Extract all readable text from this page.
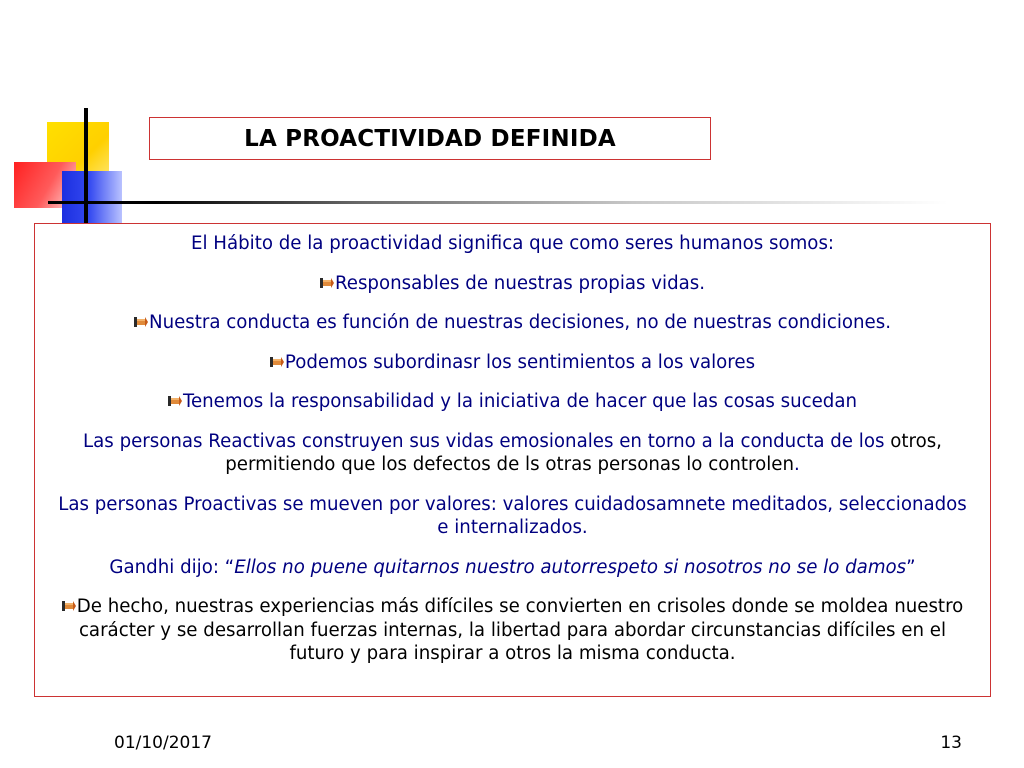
LA PROACTIVIDAD DEFINIDA

El Hábito de la proactividad significa que como seres humanos somos:

Responsables de nuestras propias vidas.

Nuestra conducta es función de nuestras decisiones, no de nuestras condiciones.

Podemos subordinasr los sentimientos a los valores

Tenemos la responsabilidad y la iniciativa de hacer que las cosas sucedan

Las personas Reactivas construyen sus vidas emosionales en torno a la conducta de los otros, permitiendo que los defectos de ls otras personas lo controlen.

Las personas Proactivas se mueven por valores: valores cuidadosamnete meditados, seleccionados e internalizados.

Gandhi dijo: “Ellos no puene quitarnos nuestro autorrespeto si nosotros no se lo damos”

De hecho, nuestras experiencias más difíciles se convierten en crisoles donde se moldea nuestro carácter y se desarrollan fuerzas internas, la libertad para abordar circunstancias difíciles en el futuro y para inspirar a otros la misma conducta.

01/10/2017	13
